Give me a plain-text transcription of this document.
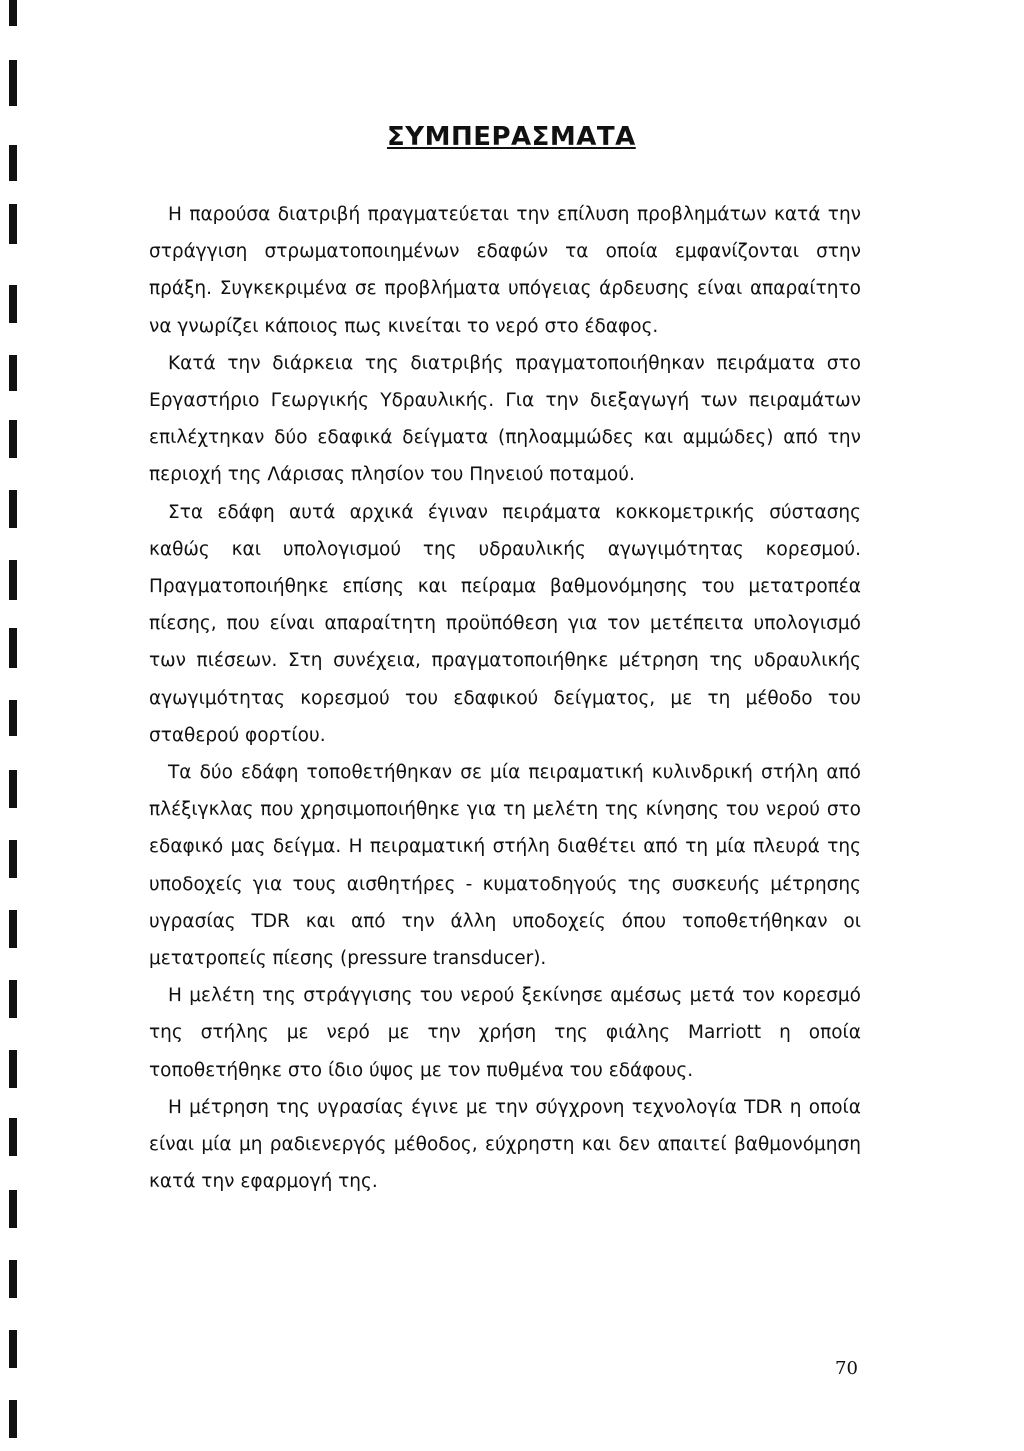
ΣΥΜΠΕΡΑΣΜΑΤΑ

Η παρούσα διατριβή πραγματεύεται την επίλυση προβλημάτων κατά την στράγγιση στρωματοποιημένων εδαφών τα οποία εμφανίζονται στην πράξη. Συγκεκριμένα σε προβλήματα υπόγειας άρδευσης είναι απαραίτητο να γνωρίζει κάποιος πως κινείται το νερό στο έδαφος.

Κατά την διάρκεια της διατριβής πραγματοποιήθηκαν πειράματα στο Εργαστήριο Γεωργικής Υδραυλικής. Για την διεξαγωγή των πειραμάτων επιλέχτηκαν δύο εδαφικά δείγματα (πηλοαμμώδες και αμμώδες) από την περιοχή της Λάρισας πλησίον του Πηνειού ποταμού.

Στα εδάφη αυτά αρχικά έγιναν πειράματα κοκκομετρικής σύστασης καθώς και υπολογισμού της υδραυλικής αγωγιμότητας κορεσμού. Πραγματοποιήθηκε επίσης και πείραμα βαθμονόμησης του μετατροπέα πίεσης, που είναι απαραίτητη προϋπόθεση για τον μετέπειτα υπολογισμό των πιέσεων. Στη συνέχεια, πραγματοποιήθηκε μέτρηση της υδραυλικής αγωγιμότητας κορεσμού του εδαφικού δείγματος, με τη μέθοδο του σταθερού φορτίου.

Τα δύο εδάφη τοποθετήθηκαν σε μία πειραματική κυλινδρική στήλη από πλέξιγκλας που χρησιμοποιήθηκε για τη μελέτη της κίνησης του νερού στο εδαφικό μας δείγμα. Η πειραματική στήλη διαθέτει από τη μία πλευρά της υποδοχείς για τους αισθητήρες - κυματοδηγούς της συσκευής μέτρησης υγρασίας TDR και από την άλλη υποδοχείς όπου τοποθετήθηκαν οι μετατροπείς πίεσης (pressure transducer).

Η μελέτη της στράγγισης του νερού ξεκίνησε αμέσως μετά τον κορεσμό της στήλης με νερό με την χρήση της φιάλης Marriott η οποία τοποθετήθηκε στο ίδιο ύψος με τον πυθμένα του εδάφους.

Η μέτρηση της υγρασίας έγινε με την σύγχρονη τεχνολογία TDR η οποία είναι μία μη ραδιενεργός μέθοδος, εύχρηστη και δεν απαιτεί βαθμονόμηση κατά την εφαρμογή της.

70
